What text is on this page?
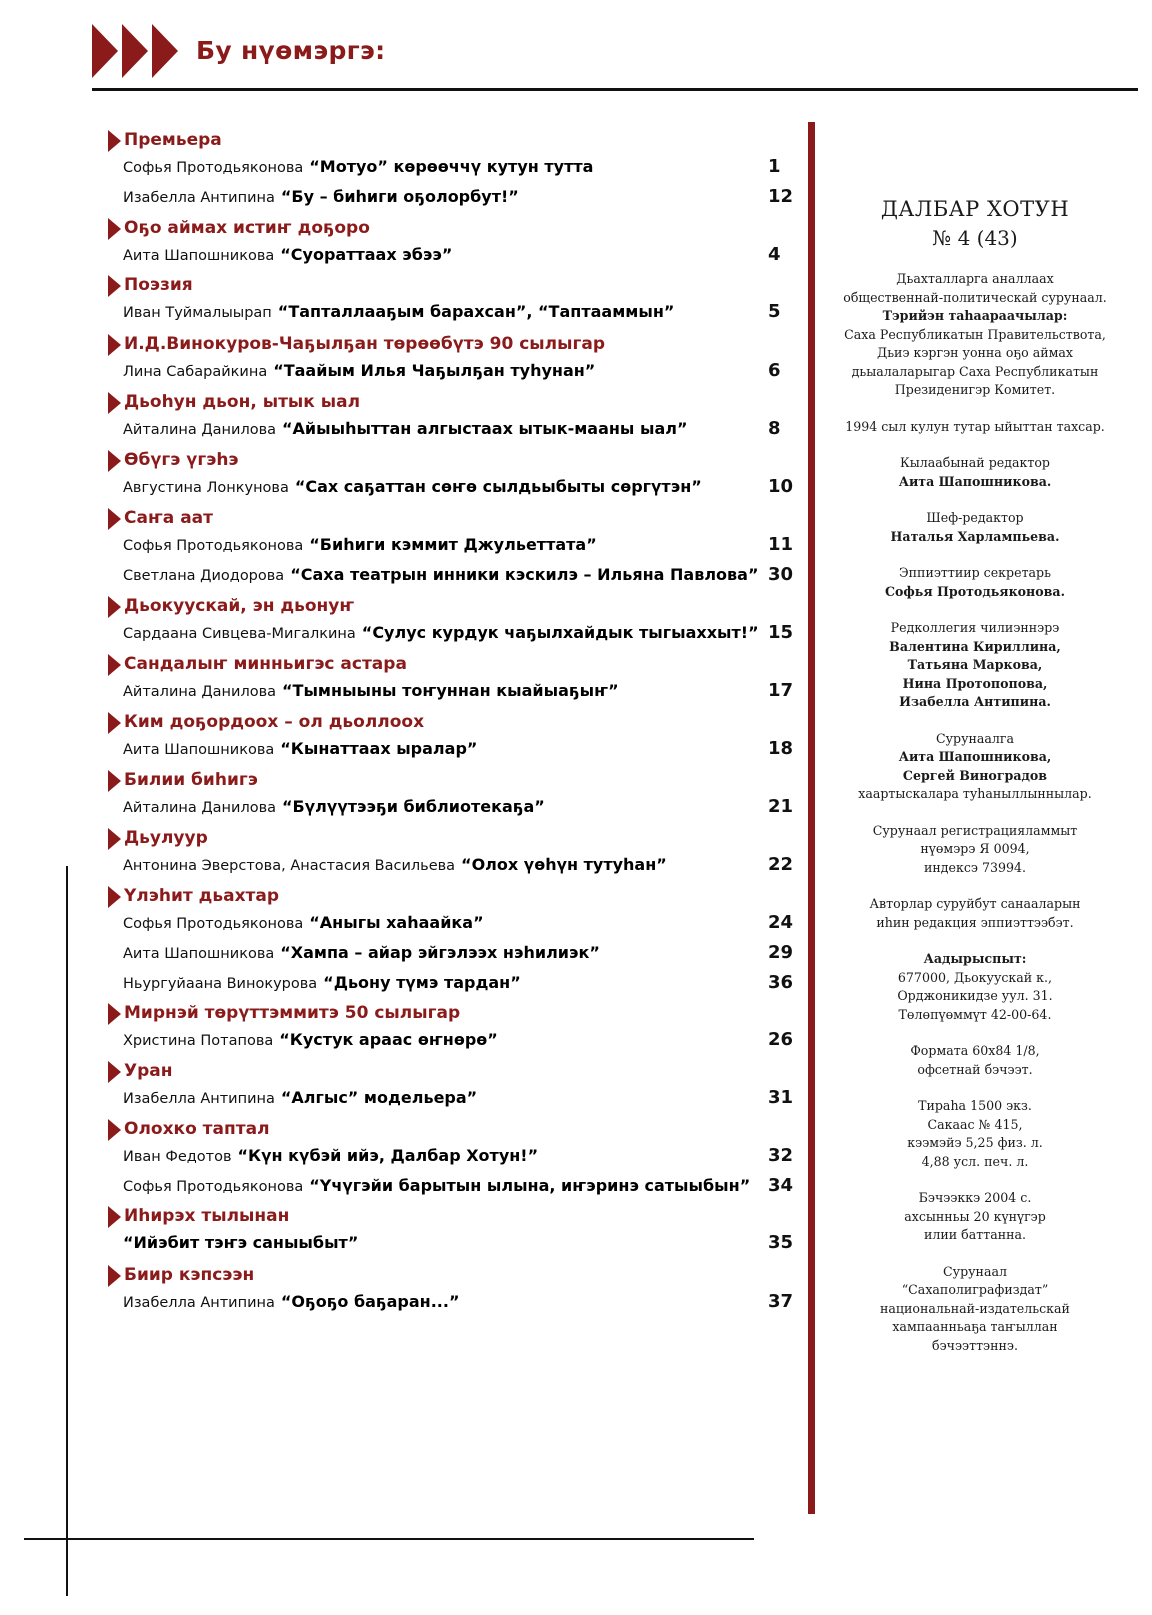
Бу нүөмэргэ:
Премьера
Софья Протодьяконова “Мотуо” көрөөччү кутун тутта	1
Изабелла Антипина “Бу – биһиги оҕолорбут!”	12
Оҕо аймах истиҥ доҕоро
Аита Шапошникова “Суораттаах эбээ”	4
Поэзия
Иван Туймалыырап “Тапталлааҕым барахсан”, “Таптааммын”	5
И.Д.Винокуров-Чаҕылҕан төрөөбүтэ 90 сылыгар
Лина Сабарайкина “Таайым Илья Чаҕылҕан туһунан”	6
Дьоһун дьон, ытык ыал
Айталина Данилова “Айыыһыттан алгыстаах ытык-мааны ыал”	8
Өбүгэ үгэһэ
Августина Лонкунова “Сах саҕаттан сөҥө сылдьыбыты сөргүтэн”	10
Саҥа аат
Софья Протодьяконова “Биһиги кэммит Джульеттата”	11
Светлана Диодорова “Саха театрын инники кэскилэ – Ильяна Павлова” 30
Дьокуускай, эн дьонуҥ
Сардаана Сивцева-Мигалкина “Сулус курдук чаҕылхайдык тыгыаххыт!” 15
Сандалыҥ минньигэс астара
Айталина Данилова “Тымныыны тоҥуннан кыайыаҕыҥ”	17
Ким доҕордоох – ол дьоллоох
Аита Шапошникова “Кынаттаах ыралар”	18
Билии биһигэ
Айталина Данилова “Бүлүүтээҕи библиотекаҕа”	21
Дьулуур
Антонина Эверстова, Анастасия Васильева “Олох үөһүн тутуһан”	22
Үлэһит дьахтар
Софья Протодьяконова “Аныгы хаһаайка”	24
Аита Шапошникова “Хампа – айар эйгэлээх нэһилиэк”	29
Ньургуйаана Винокурова “Дьону түмэ тардан”	36
Мирнэй төрүттэммитэ 50 сылыгар
Христина Потапова “Кустук араас өҥнөрө”	26
Уран
Изабелла Антипина “Алгыс” модельера”	31
Олохко таптал
Иван Федотов “Күн күбэй ийэ, Далбар Хотун!”	32
Софья Протодьяконова “Үчүгэйи барытын ылына, иҥэринэ сатыыбын” 34
Иһирэх тылынан
“Ийэбит тэҥэ саныыбыт”	35
Биир кэпсээн
Изабелла Антипина “Оҕоҕо баҕаран...”	37
ДАЛБАР ХОТУН
№ 4 (43)
Дьахталларга аналлаах
общественнай-политическай сурунаал.
Тэрийэн таһаараачылар:
Саха Республикатын Правительствота,
Дьиэ кэргэн уонна оҕо аймах
дьыалаларыгар Саха Республикатын
Президенигэр Комитет.
1994 сыл кулун тутар ыйыттан тахсар.
Кылаабынай редактор
Аита Шапошникова.
Шеф-редактор
Наталья Харлампьева.
Эппиэттиир секретарь
Софья Протодьяконова.
Редколлегия чилиэннэрэ
Валентина Кириллина,
Татьяна Маркова,
Нина Протопопова,
Изабелла Антипина.
Сурунаалга
Аита Шапошникова,
Сергей Виноградов
хаартыскалара туһаныллыннылар.
Сурунаал регистрацияламмыт
нүөмэрэ Я 0094,
индексэ 73994.
Авторлар суруйбут санааларын
иһин редакция эппиэттээбэт.
Аадырыспыт:
677000, Дьокуускай к.,
Орджоникидзе уул. 31.
Төлөпүөммүт 42-00-64.
Формата 60х84 1/8,
офсетнай бэчээт.
Тираһа 1500 экз.
Сакаас № 415,
кээмэйэ 5,25 физ. л.
4,88 усл. печ. л.
Бэчээккэ 2004 с.
ахсынньы 20 күнүгэр
илии баттанна.
Сурунаал
“Сахаполиграфиздат”
национальнай-издательскай
хампаанньаҕа таҥыллан
бэчээттэннэ.
